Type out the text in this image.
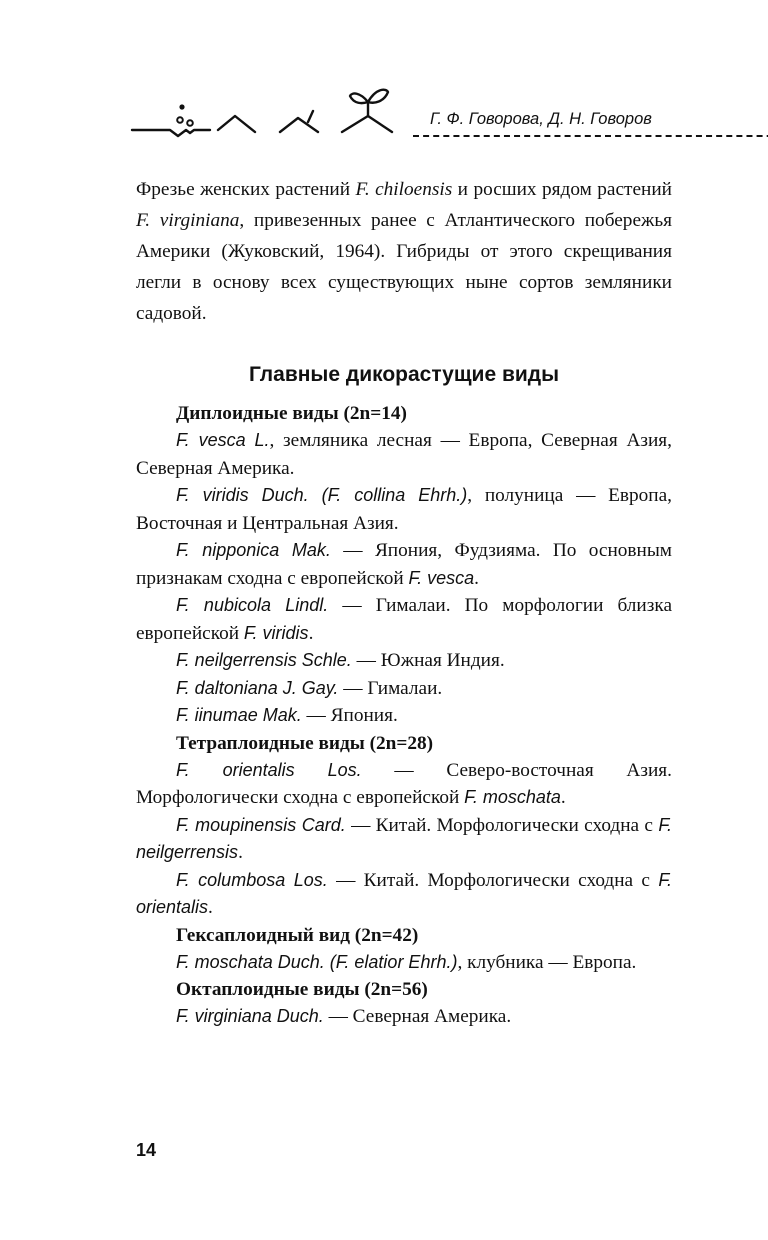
Г. Ф. Говорова, Д. Н. Говоров

Фрезье женских растений F. chiloensis и росших рядом растений F. virginiana, привезенных ранее с Атлантического побережья Америки (Жуковский, 1964). Гибриды от этого скрещивания легли в основу всех существующих ныне сортов земляники садовой.

Главные дикорастущие виды

Диплоидные виды (2n=14)

F. vesca L., земляника лесная — Европа, Северная Азия, Северная Америка.

F. viridis Duch. (F. collina Ehrh.), полуница — Европа, Восточная и Центральная Азия.

F. nipponica Mak. — Япония, Фудзияма. По основным признакам сходна с европейской F. vesca.

F. nubicola Lindl. — Гималаи. По морфологии близка европейской F. viridis.

F. neilgerrensis Schle. — Южная Индия.

F. daltoniana J. Gay. — Гималаи.

F. iinumae Mak. — Япония.

Тетраплоидные виды (2n=28)

F. orientalis Los. — Северо-восточная Азия. Морфологически сходна с европейской F. moschata.

F. moupinensis Card. — Китай. Морфологически сходна с F. neilgerrensis.

F. columbosa Los. — Китай. Морфологически сходна с F. orientalis.

Гексаплоидный вид (2n=42)

F. moschata Duch. (F. elatior Ehrh.), клубника — Европа.

Октаплоидные виды (2n=56)

F. virginiana Duch. — Северная Америка.

14
